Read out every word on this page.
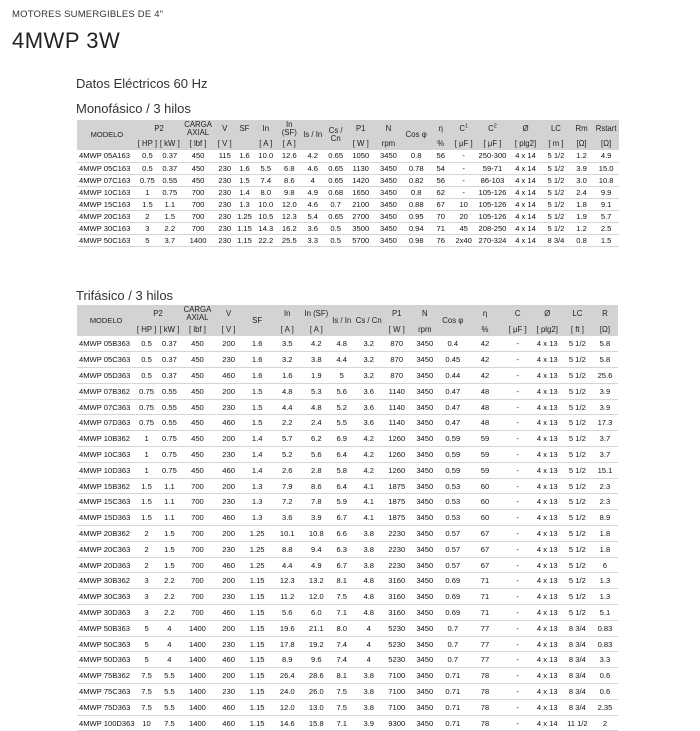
MOTORES SUMERGIBLES DE 4"
4MWP 3W
Datos Eléctricos 60 Hz
Monofásico / 3 hilos
MODELO	P2		CARGA AXIAL	V	SF	In	In (SF)	Is / In	Cs / Cn	P1	N	Cos φ	η	$C^1$	$C^2$	Ø	LC	Rm	Rstart
	[ HP ]	[ kW ]	[ lbf ]	[ V ]		[ A ]	[ A ]			[ W ]	rpm		%	[ μF ]	[ μF ]	[ plg2]	[ m ]	[Ω]	[Ω]
4MWP 05A163	0.5	0.37	450	115	1.6	10.0	12.6	4.2	0.65	1050	3450	0.8	56	-	250-300	4 x 14	5 1/2	1.2	4.9
4MWP 05C163	0.5	0.37	450	230	1.6	5.5	6.8	4.6	0.65	1130	3450	0.78	54	-	59-71	4 x 14	5 1/2	3.9	15.0
4MWP 07C163	0.75	0.55	450	230	1.5	7.4	8.6	4	0.65	1420	3450	0.82	56	-	86-103	4 x 14	5 1/2	3.0	10.8
4MWP 10C163	1	0.75	700	230	1.4	8.0	9.8	4.9	0.68	1650	3450	0.8	62	-	105-126	4 x 14	5 1/2	2.4	9.9
4MWP 15C163	1.5	1.1	700	230	1.3	10.0	12.0	4.6	0.7	2100	3450	0.88	67	10	105-126	4 x 14	5 1/2	1.8	9.1
4MWP 20C163	2	1.5	700	230	1.25	10.5	12.3	5.4	0.65	2700	3450	0.95	70	20	105-126	4 x 14	5 1/2	1.9	5.7
4MWP 30C163	3	2.2	700	230	1.15	14.3	16.2	3.6	0.5	3500	3450	0.94	71	45	208-250	4 x 14	5 1/2	1.2	2.5
4MWP 50C163	5	3.7	1400	230	1.15	22.2	25.5	3.3	0.5	5700	3450	0.98	76	2x40	270-324	4 x 14	8 3/4	0.8	1.5
Trifásico / 3 hilos
MODELO	P2		CARGA AXIAL	V	SF	In	In (SF)	Is / In	Cs / Cn	P1	N	Cos φ	η	C	Ø	LC	R
	[ HP ]	[ kW ]	[ lbf ]	[ V ]		[ A ]	[ A ]			[ W ]	rpm		%	[ μF ]	[ plg2]	[ ft ]	[Ω]
4MWP 05B363	0.5	0.37	450	200	1.6	3.5	4.2	4.8	3.2	870	3450	0.4	42	-	4 x 13	5 1/2	5.8
4MWP 05C363	0.5	0.37	450	230	1.6	3.2	3.8	4.4	3.2	870	3450	0.45	42	-	4 x 13	5 1/2	5.8
4MWP 05D363	0.5	0.37	450	460	1.6	1.6	1.9	5	3.2	870	3450	0.44	42	-	4 x 13	5 1/2	25.6
4MWP 07B362	0.75	0.55	450	200	1.5	4.8	5.3	5.6	3.6	1140	3450	0.47	48	-	4 x 13	5 1/2	3.9
4MWP 07C363	0.75	0.55	450	230	1.5	4.4	4.8	5.2	3.6	1140	3450	0.47	48	-	4 x 13	5 1/2	3.9
4MWP 07D363	0.75	0.55	450	460	1.5	2.2	2.4	5.5	3.6	1140	3450	0.47	48	-	4 x 13	5 1/2	17.3
4MWP 10B362	1	0.75	450	200	1.4	5.7	6.2	6.9	4.2	1260	3450	0.59	59	-	4 x 13	5 1/2	3.7
4MWP 10C363	1	0.75	450	230	1.4	5.2	5.6	6.4	4.2	1260	3450	0.59	59	-	4 x 13	5 1/2	3.7
4MWP 10D363	1	0.75	450	460	1.4	2.6	2.8	5.8	4.2	1260	3450	0.59	59	-	4 x 13	5 1/2	15.1
4MWP 15B362	1.5	1.1	700	200	1.3	7.9	8.6	6.4	4.1	1875	3450	0.53	60	-	4 x 13	5 1/2	2.3
4MWP 15C363	1.5	1.1	700	230	1.3	7.2	7.8	5.9	4.1	1875	3450	0.53	60	-	4 x 13	5 1/2	2.3
4MWP 15D363	1.5	1.1	700	460	1.3	3.6	3.9	6.7	4.1	1875	3450	0.53	60	-	4 x 13	5 1/2	8.9
4MWP 20B362	2	1.5	700	200	1.25	10.1	10.8	6.6	3.8	2230	3450	0.57	67	-	4 x 13	5 1/2	1.8
4MWP 20C363	2	1.5	700	230	1.25	8.8	9.4	6.3	3.8	2230	3450	0.57	67	-	4 x 13	5 1/2	1.8
4MWP 20D363	2	1.5	700	460	1.25	4.4	4.9	6.7	3.8	2230	3450	0.57	67	-	4 x 13	5 1/2	6
4MWP 30B362	3	2.2	700	200	1.15	12.3	13.2	8.1	4.8	3160	3450	0.69	71	-	4 x 13	5 1/2	1.3
4MWP 30C363	3	2.2	700	230	1.15	11.2	12.0	7.5	4.8	3160	3450	0.69	71	-	4 x 13	5 1/2	1.3
4MWP 30D363	3	2.2	700	460	1.15	5.6	6.0	7.1	4.8	3160	3450	0.69	71	-	4 x 13	5 1/2	5.1
4MWP 50B363	5	4	1400	200	1.15	19.6	21.1	8.0	4	5230	3450	0.7	77	-	4 x 13	8 3/4	0.83
4MWP 50C363	5	4	1400	230	1.15	17.8	19.2	7.4	4	5230	3450	0.7	77	-	4 x 13	8 3/4	0.83
4MWP 50D363	5	4	1400	460	1.15	8.9	9.6	7.4	4	5230	3450	0.7	77	-	4 x 13	8 3/4	3.3
4MWP 75B362	7.5	5.5	1400	200	1.15	26.4	28.6	8.1	3.8	7100	3450	0.71	78	-	4 x 13	8 3/4	0.6
4MWP 75C363	7.5	5.5	1400	230	1.15	24.0	26.0	7.5	3.8	7100	3450	0.71	78	-	4 x 13	8 3/4	0.6
4MWP 75D363	7.5	5.5	1400	460	1.15	12.0	13.0	7.5	3.8	7100	3450	0.71	78	-	4 x 13	8 3/4	2.35
4MWP 100D363	10	7.5	1400	460	1.15	14.6	15.8	7.1	3.9	9300	3450	0.71	78	-	4 x 14	11 1/2	2
